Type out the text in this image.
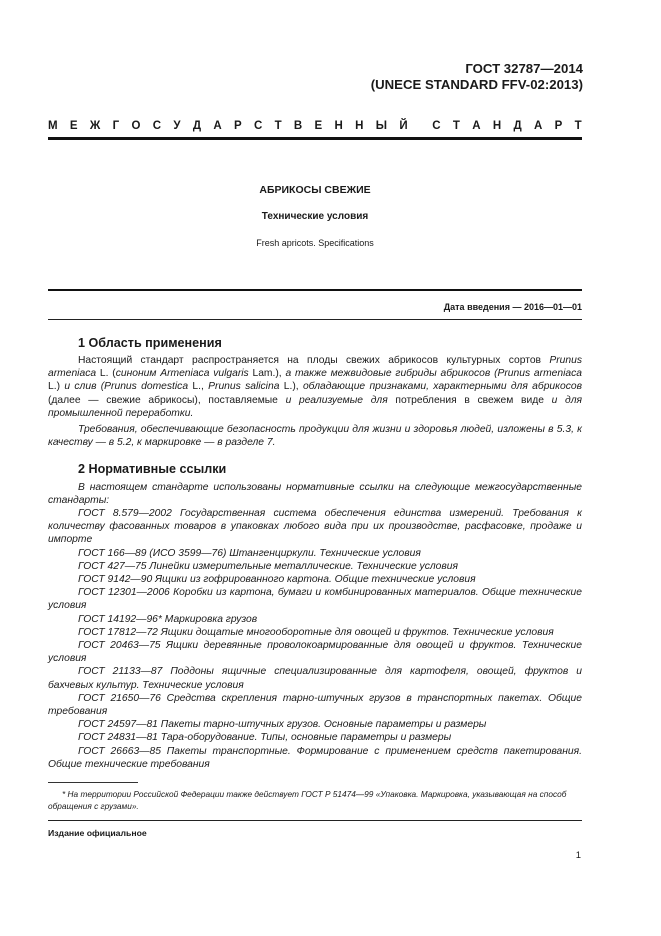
ГОСТ 32787—2014
(UNECE STANDARD FFV-02:2013)
М Е Ж Г О С У Д А Р С Т В Е Н Н Ы Й С Т А Н Д А Р Т
АБРИКОСЫ СВЕЖИЕ
Технические условия
Fresh apricots. Specifications
Дата введения — 2016—01—01
1 Область применения
Настоящий стандарт распространяется на плоды свежих абрикосов культурных сортов Prunus armeniaca L. (синоним Armeniaca vulgaris Lam.), а также межвидовые гибриды абрикосов (Prunus armeniaca L.) и слив (Prunus domestica L., Prunus salicina L.), обладающие признаками, характерными для абрикосов (далее — свежие абрикосы), поставляемые и реализуемые для потребления в свежем виде и для промышленной переработки.
Требования, обеспечивающие безопасность продукции для жизни и здоровья людей, изложены в 5.3, к качеству — в 5.2, к маркировке — в разделе 7.
2 Нормативные ссылки
В настоящем стандарте использованы нормативные ссылки на следующие межгосударственные стандарты:
ГОСТ 8.579—2002 Государственная система обеспечения единства измерений. Требования к количеству фасованных товаров в упаковках любого вида при их производстве, расфасовке, продаже и импорте
ГОСТ 166—89 (ИСО 3599—76) Штангенциркули. Технические условия
ГОСТ 427—75 Линейки измерительные металлические. Технические условия
ГОСТ 9142—90 Ящики из гофрированного картона. Общие технические условия
ГОСТ 12301—2006 Коробки из картона, бумаги и комбинированных материалов. Общие технические условия
ГОСТ 14192—96* Маркировка грузов
ГОСТ 17812—72 Ящики дощатые многооборотные для овощей и фруктов. Технические условия
ГОСТ 20463—75 Ящики деревянные проволокоармированные для овощей и фруктов. Технические условия
ГОСТ 21133—87 Поддоны ящичные специализированные для картофеля, овощей, фруктов и бахчевых культур. Технические условия
ГОСТ 21650—76 Средства скрепления тарно-штучных грузов в транспортных пакетах. Общие требования
ГОСТ 24597—81 Пакеты тарно-штучных грузов. Основные параметры и размеры
ГОСТ 24831—81 Тара-оборудование. Типы, основные параметры и размеры
ГОСТ 26663—85 Пакеты транспортные. Формирование с применением средств пакетирования. Общие технические требования
* На территории Российской Федерации также действует ГОСТ Р 51474—99 «Упаковка. Маркировка, указывающая на способ обращения с грузами».
Издание официальное
1
